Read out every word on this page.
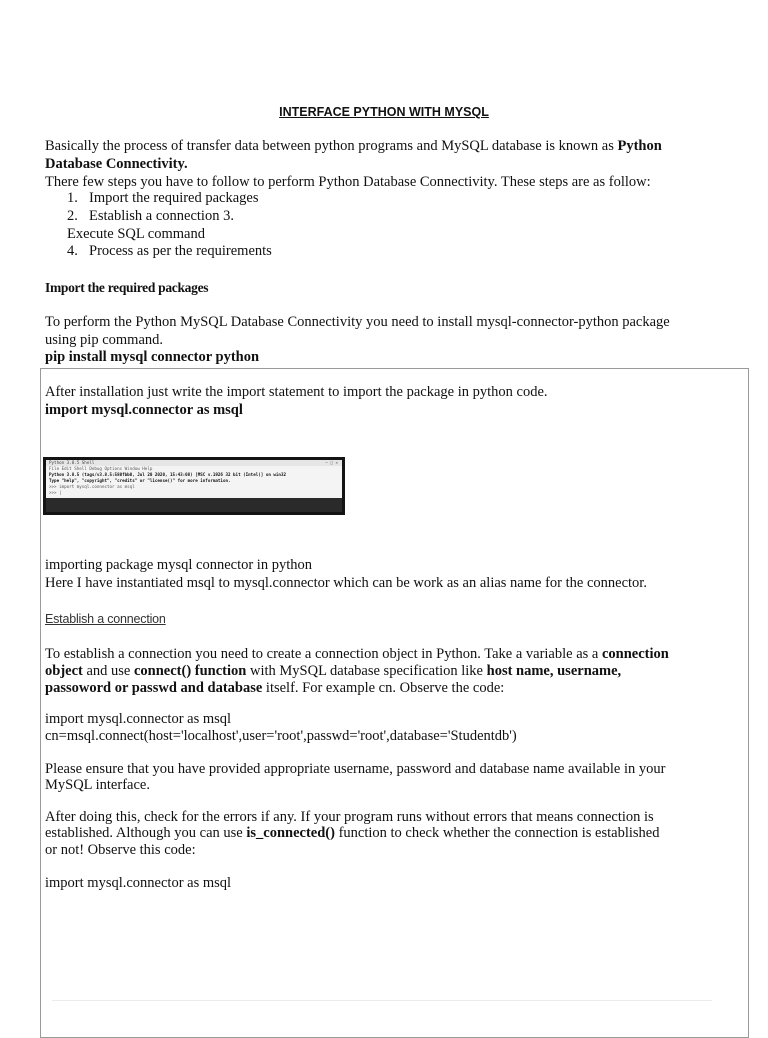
INTERFACE PYTHON WITH MYSQL

Basically the process of transfer data between python programs and MySQL database is known as Python

Database Connectivity.

There few steps you have to follow to perform Python Database Connectivity. These steps are as follow:

1. Import the required packages

2. Establish a connection 3.

Execute SQL command

4. Process as per the requirements

Import the required packages

To perform the Python MySQL Database Connectivity you need to install mysql-connector-python package

using pip command.

pip install mysql connector python

After installation just write the import statement to import the package in python code.

import mysql.connector as msql

Python 3.8.5 Shell	– □ ✕
File Edit Shell Debug Options Window Help
Python 3.8.5 (tags/v3.8.5:580fbb0, Jul 20 2020, 15:43:08) [MSC v.1926 32 bit (Intel)] on win32
Type "help", "copyright", "credits" or "license()" for more information.
>>> import mysql.connector as msql
>>> |

importing package mysql connector in python

Here I have instantiated msql to mysql.connector which can be work as an alias name for the connector.

Establish a connection

To establish a connection you need to create a connection object in Python. Take a variable as a connection

object and use connect() function with MySQL database specification like host name, username,

passoword or passwd and database itself. For example cn. Observe the code:

import mysql.connector as msql

cn=msql.connect(host='localhost',user='root',passwd='root',database='Studentdb')

Please ensure that you have provided appropriate username, password and database name available in your

MySQL interface.

After doing this, check for the errors if any. If your program runs without errors that means connection is

established. Although you can use is_connected() function to check whether the connection is established

or not! Observe this code:

import mysql.connector as msql
